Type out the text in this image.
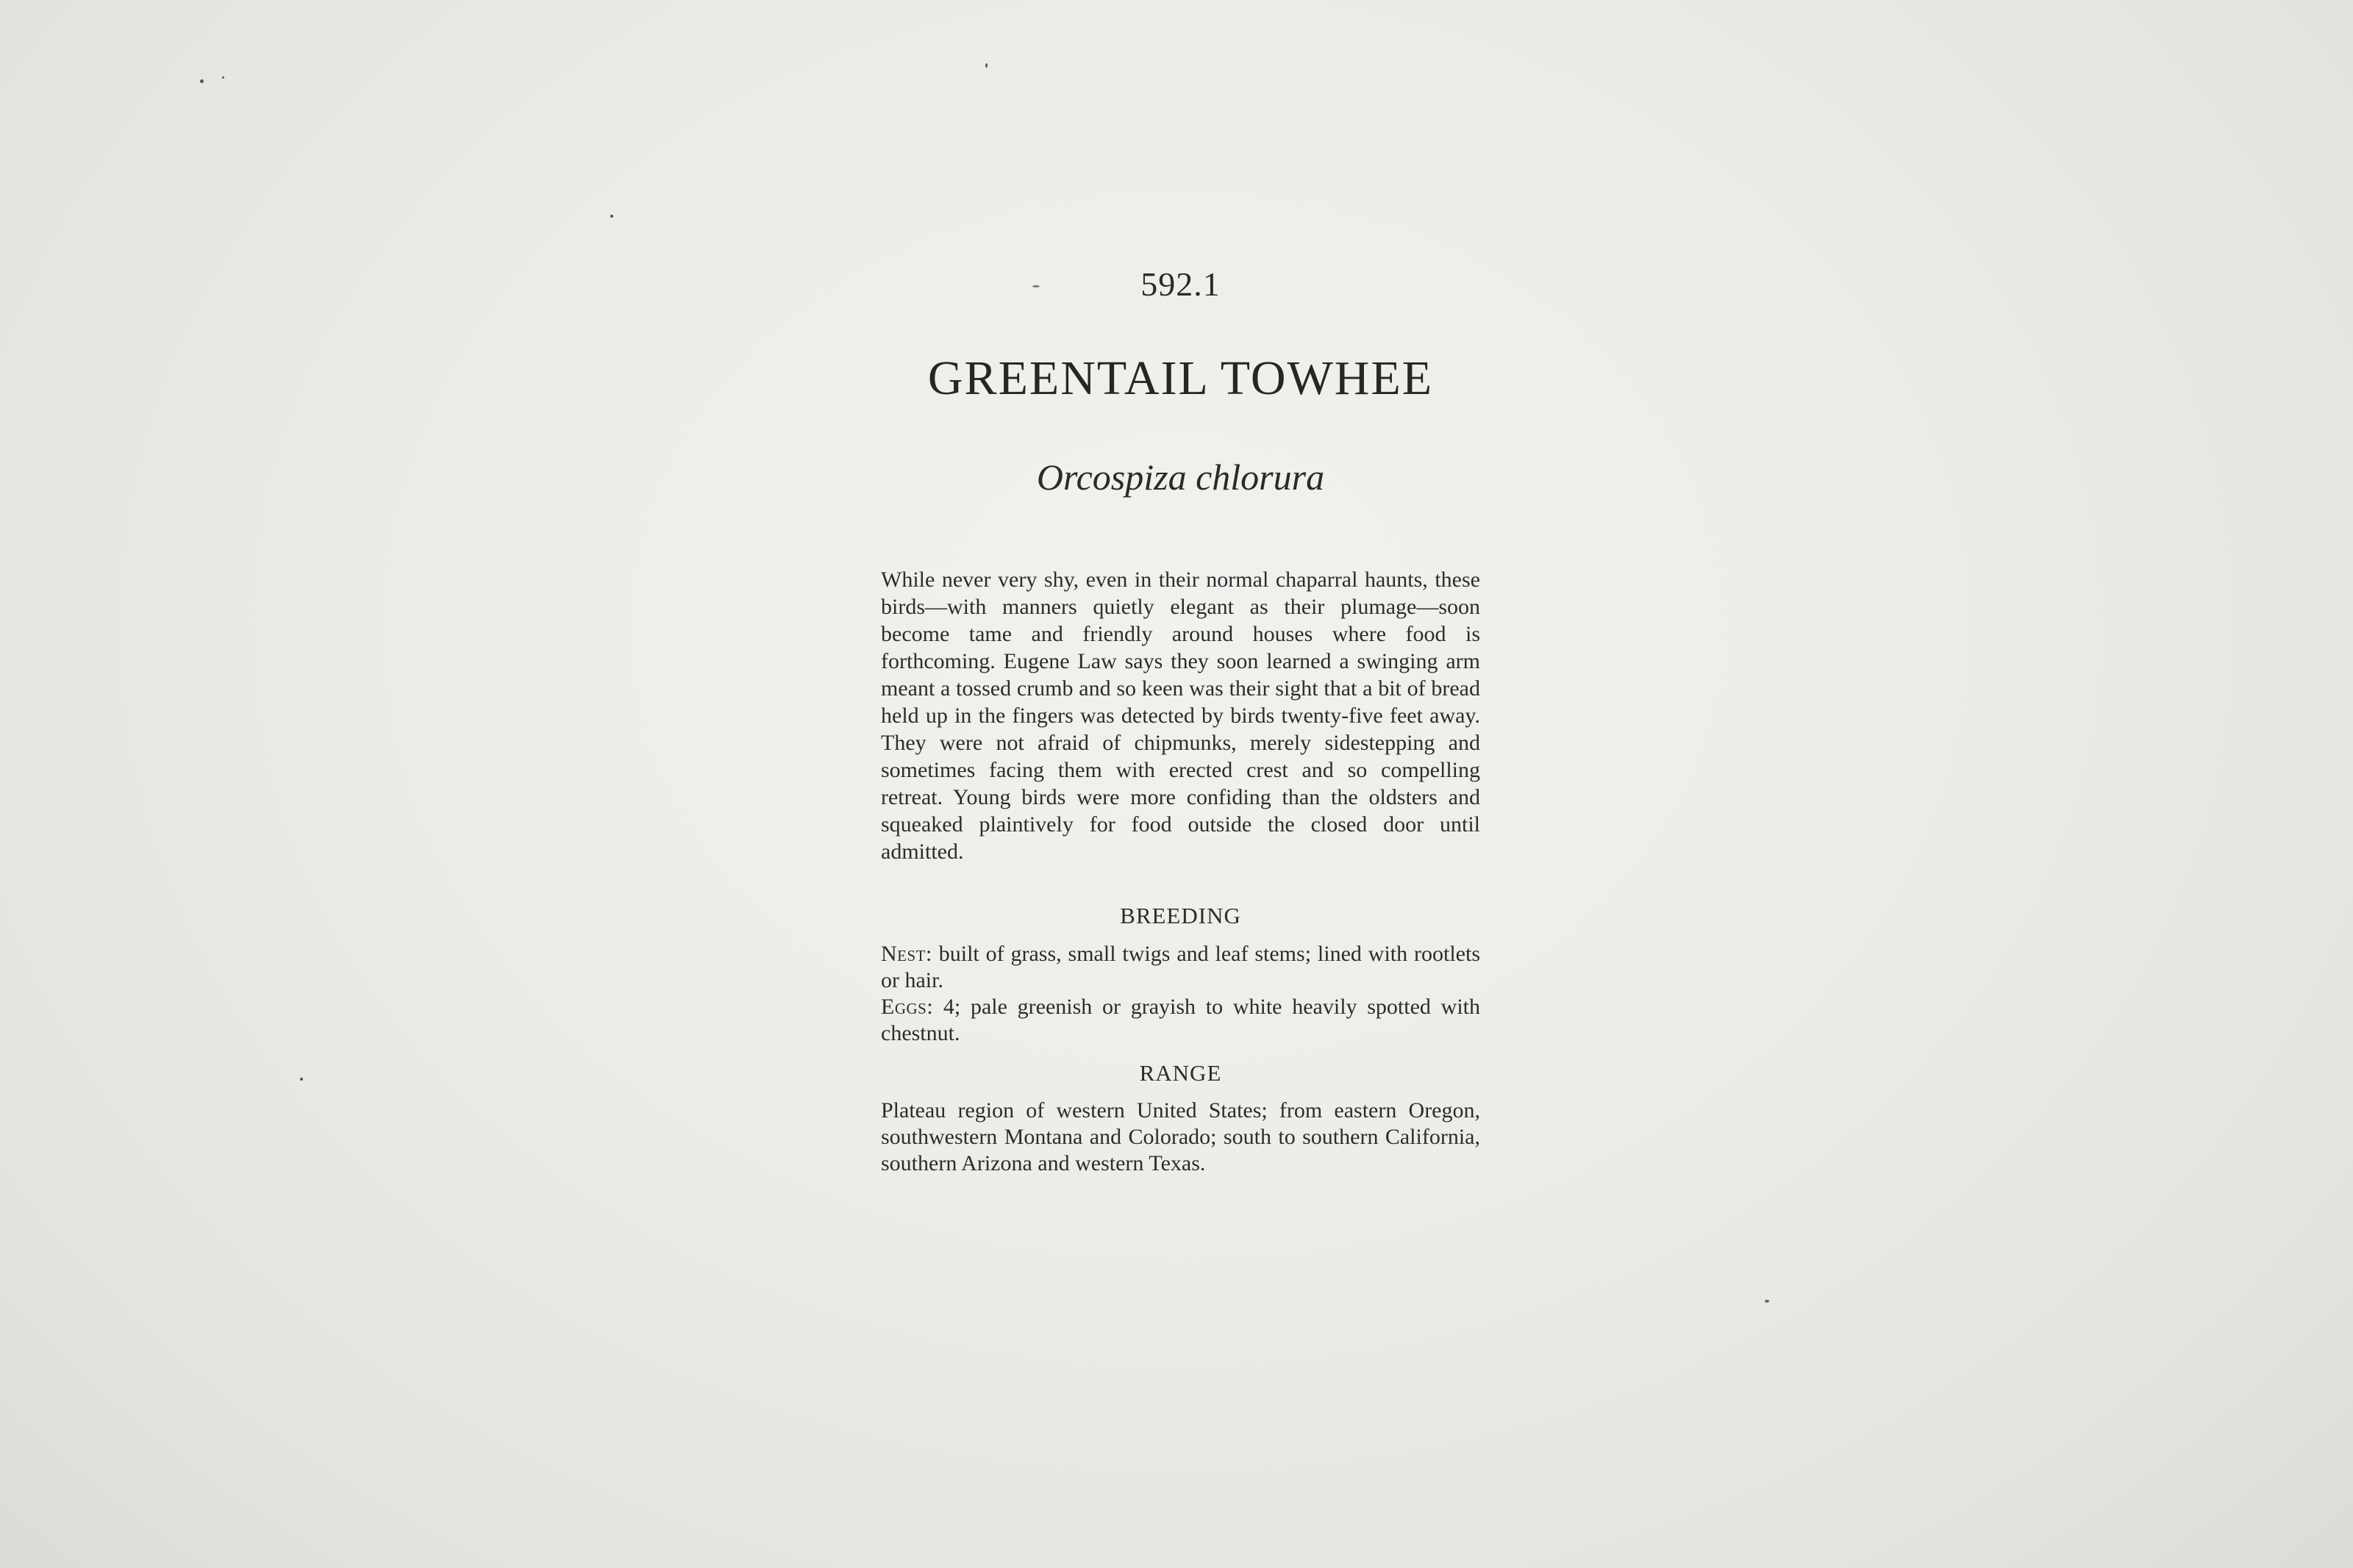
592.1
GREENTAIL TOWHEE
Orcospiza chlorura

While never very shy, even in their normal chaparral haunts, these birds—with manners quietly elegant as their plumage—soon become tame and friendly around houses where food is forthcoming. Eugene Law says they soon learned a swinging arm meant a tossed crumb and so keen was their sight that a bit of bread held up in the fingers was detected by birds twenty-five feet away. They were not afraid of chipmunks, merely sidestepping and sometimes facing them with erected crest and so compelling retreat. Young birds were more confiding than the oldsters and squeaked plaintively for food outside the closed door until admitted.

BREEDING

Nest: built of grass, small twigs and leaf stems; lined with rootlets or hair.

Eggs: 4; pale greenish or grayish to white heavily spotted with chestnut.

RANGE

Plateau region of western United States; from eastern Oregon, southwestern Montana and Colorado; south to southern California, southern Arizona and western Texas.
